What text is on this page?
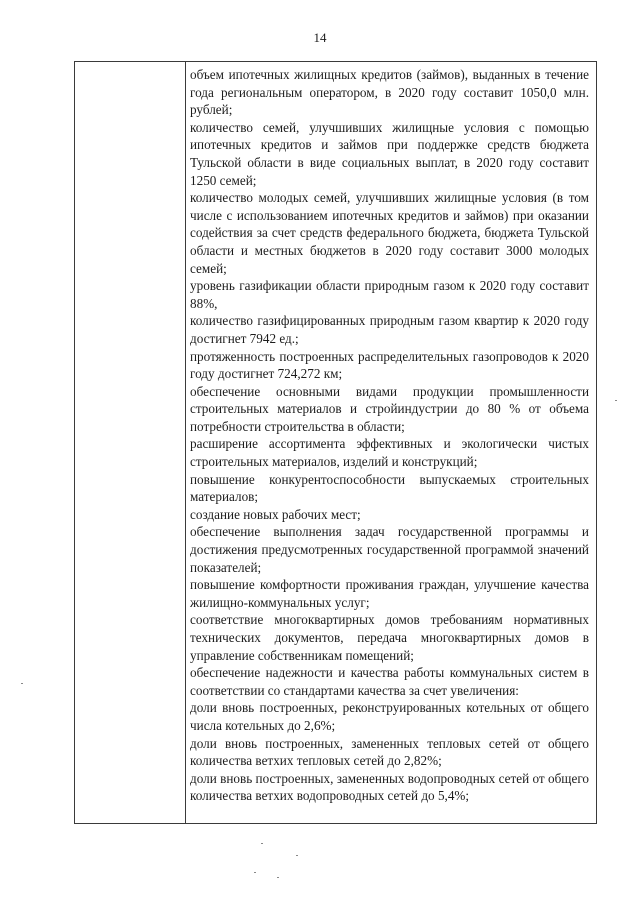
14

объем ипотечных жилищных кредитов (займов), выданных в течение года региональным оператором, в 2020 году составит 1050,0 млн. рублей;

количество семей, улучшивших жилищные условия с помощью ипотечных кредитов и займов при поддержке средств бюджета Тульской области в виде социальных выплат, в 2020 году составит 1250 семей;

количество молодых семей, улучшивших жилищные условия (в том числе с использованием ипотечных кредитов и займов) при оказании содействия за счет средств федерального бюджета, бюджета Тульской области и местных бюджетов в 2020 году составит 3000 молодых семей;

уровень газификации области природным газом к 2020 году составит 88%,

количество газифицированных природным газом квартир к 2020 году достигнет 7942 ед.;

протяженность построенных распределительных газопроводов к 2020 году достигнет 724,272 км;

обеспечение основными видами продукции промышленности строительных материалов и стройиндустрии до 80 % от объема потребности строительства в области;

расширение ассортимента эффективных и экологически чистых строительных материалов, изделий и конструкций;

повышение конкурентоспособности выпускаемых строительных материалов;

создание новых рабочих мест;

обеспечение выполнения задач государственной программы и достижения предусмотренных государственной программой значений показателей;

повышение комфортности проживания граждан, улучшение качества жилищно-коммунальных услуг;

соответствие многоквартирных домов требованиям нормативных технических документов, передача многоквартирных домов в управление собственникам помещений;

обеспечение надежности и качества работы коммунальных систем в соответствии со стандартами качества за счет увеличения:

доли вновь построенных, реконструированных котельных от общего числа котельных до 2,6%;

доли вновь построенных, замененных тепловых сетей от общего количества ветхих тепловых сетей до 2,82%;

доли вновь построенных, замененных водопроводных сетей от общего количества ветхих водопроводных сетей до 5,4%;
